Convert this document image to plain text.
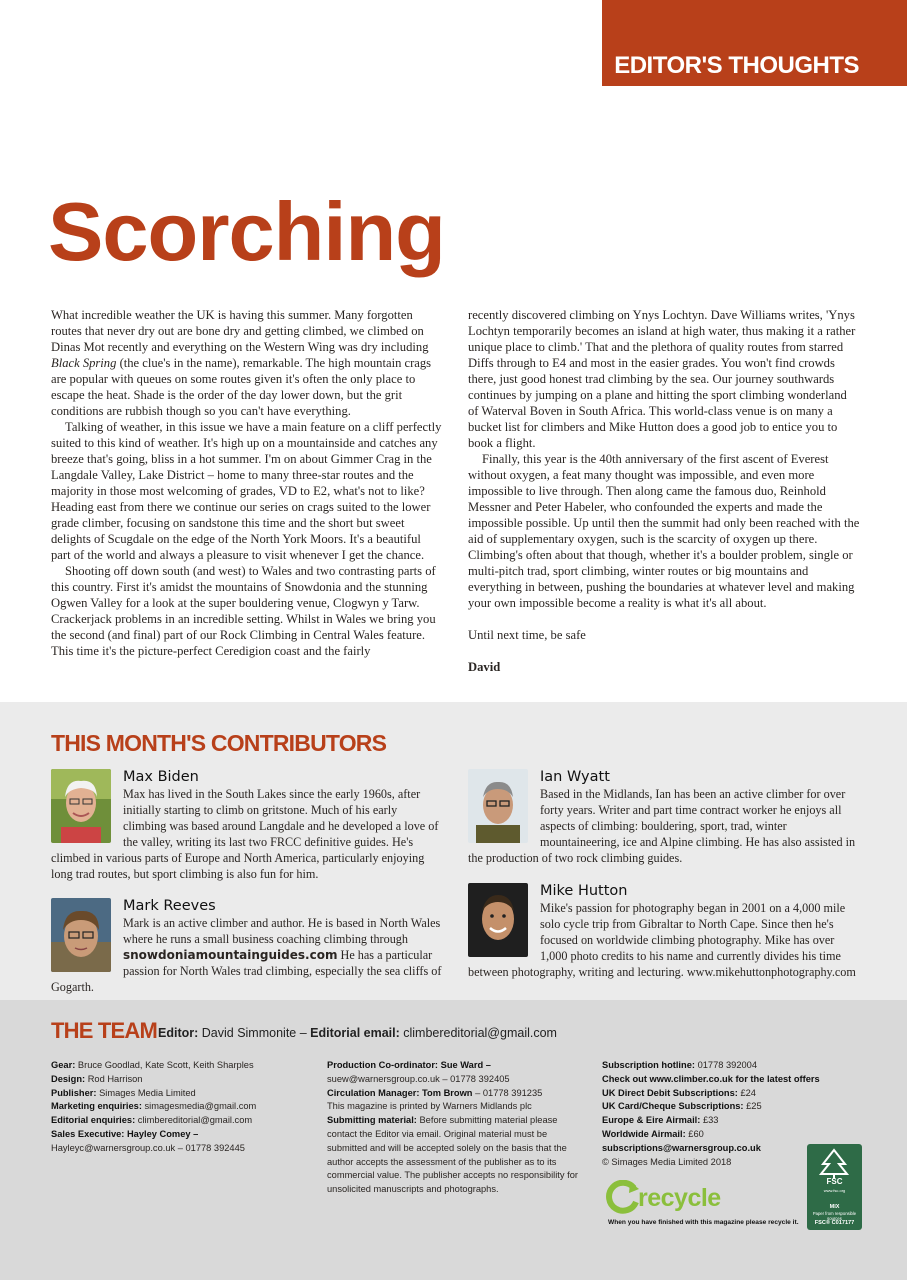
EDITOR'S THOUGHTS
Scorching

What incredible weather the UK is having this summer. Many forgotten routes that never dry out are bone dry and getting climbed, we climbed on Dinas Mot recently and everything on the Western Wing was dry including Black Spring (the clue's in the name), remarkable. The high mountain crags are popular with queues on some routes given it's often the only place to escape the heat. Shade is the order of the day lower down, but the grit conditions are rubbish though so you can't have everything.

Talking of weather, in this issue we have a main feature on a cliff perfectly suited to this kind of weather. It's high up on a mountainside and catches any breeze that's going, bliss in a hot summer. I'm on about Gimmer Crag in the Langdale Valley, Lake District – home to many three-star routes and the majority in those most welcoming of grades, VD to E2, what's not to like? Heading east from there we continue our series on crags suited to the lower grade climber, focusing on sandstone this time and the short but sweet delights of Scugdale on the edge of the North York Moors. It's a beautiful part of the world and always a pleasure to visit whenever I get the chance.

Shooting off down south (and west) to Wales and two contrasting parts of this country. First it's amidst the mountains of Snowdonia and the stunning Ogwen Valley for a look at the super bouldering venue, Clogwyn y Tarw. Crackerjack problems in an incredible setting. Whilst in Wales we bring you the second (and final) part of our Rock Climbing in Central Wales feature. This time it's the picture-perfect Ceredigion coast and the fairly

recently discovered climbing on Ynys Lochtyn. Dave Williams writes, 'Ynys Lochtyn temporarily becomes an island at high water, thus making it a rather unique place to climb.' That and the plethora of quality routes from starred Diffs through to E4 and most in the easier grades. You won't find crowds there, just good honest trad climbing by the sea. Our journey southwards continues by jumping on a plane and hitting the sport climbing wonderland of Waterval Boven in South Africa. This world-class venue is on many a bucket list for climbers and Mike Hutton does a good job to entice you to book a flight.

Finally, this year is the 40th anniversary of the first ascent of Everest without oxygen, a feat many thought was impossible, and even more impossible to live through. Then along came the famous duo, Reinhold Messner and Peter Habeler, who confounded the experts and made the impossible possible. Up until then the summit had only been reached with the aid of supplementary oxygen, such is the scarcity of oxygen up there. Climbing's often about that though, whether it's a boulder problem, single or multi-pitch trad, sport climbing, winter routes or big mountains and everything in between, pushing the boundaries at whatever level and making your own impossible become a reality is what it's all about.

Until next time, be safe

David

THIS MONTH'S CONTRIBUTORS
Max Biden
Max has lived in the South Lakes since the early 1960s, after initially starting to climb on gritstone. Much of his early climbing was based around Langdale and he developed a love of the valley, writing its last two FRCC definitive guides. He's climbed in various parts of Europe and North America, particularly enjoying long trad routes, but sport climbing is also fun for him.
Mark Reeves
Mark is an active climber and author. He is based in North Wales where he runs a small business coaching climbing through snowdoniamountainguides.com He has a particular passion for North Wales trad climbing, especially the sea cliffs of Gogarth.
Ian Wyatt
Based in the Midlands, Ian has been an active climber for over forty years. Writer and part time contract worker he enjoys all aspects of climbing: bouldering, sport, trad, winter mountaineering, ice and Alpine climbing. He has also assisted in the production of two rock climbing guides.
Mike Hutton
Mike's passion for photography began in 2001 on a 4,000 mile solo cycle trip from Gibraltar to North Cape. Since then he's focused on worldwide climbing photography. Mike has over 1,000 photo credits to his name and currently divides his time between photography, writing and lecturing. www.mikehuttonphotography.com
THE TEAM Editor: David Simmonite – Editorial email: climbereditorial@gmail.com
Gear: Bruce Goodlad, Kate Scott, Keith Sharples
Design: Rod Harrison
Publisher: Simages Media Limited
Marketing enquiries: simagesmedia@gmail.com
Editorial enquiries: climbereditorial@gmail.com
Sales Executive: Hayley Comey –
Hayleyc@warnersgroup.co.uk – 01778 392445
Production Co-ordinator: Sue Ward –
suew@warnersgroup.co.uk – 01778 392405
Circulation Manager: Tom Brown – 01778 391235
This magazine is printed by Warners Midlands plc
Submitting material: Before submitting material please contact the Editor via email. Original material must be submitted and will be accepted solely on the basis that the author accepts the assessment of the publisher as to its commercial value. The publisher accepts no responsibility for unsolicited manuscripts and photographs.
Subscription hotline: 01778 392004
Check out www.climber.co.uk for the latest offers
UK Direct Debit Subscriptions: £24
UK Card/Cheque Subscriptions: £25
Europe & Eire Airmail: £33
Worldwide Airmail: £60
subscriptions@warnersgroup.co.uk
© Simages Media Limited 2018
recycle
When you have finished with this magazine please recycle it.
FSC
www.fsc.org
MIX
Paper from responsible sources
FSC® C017177
